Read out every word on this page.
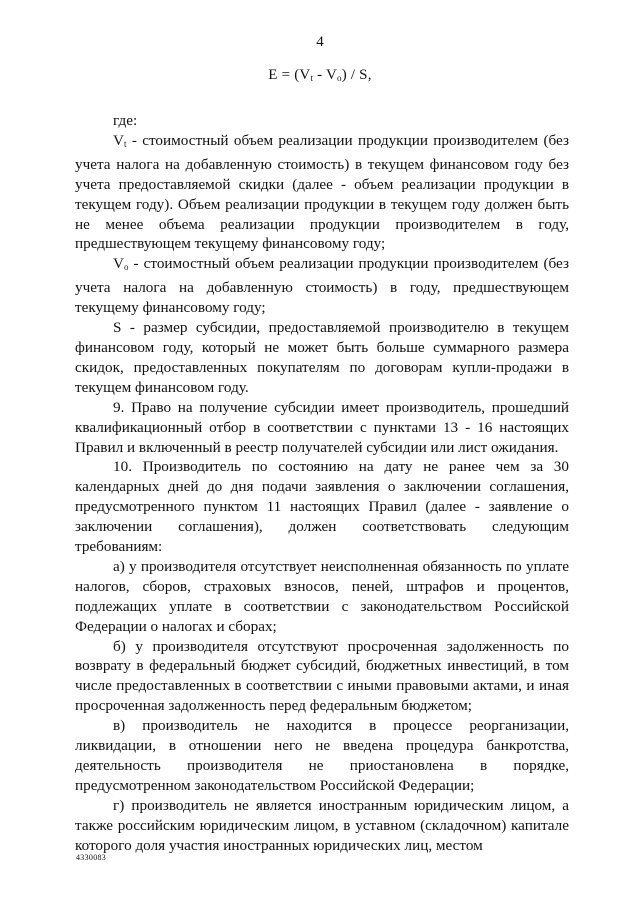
4
$E = (V_t - V_o) / S$,

где:

$V_t$ - стоимостный объем реализации продукции производителем (без учета налога на добавленную стоимость) в текущем финансовом году без учета предоставляемой скидки (далее - объем реализации продукции в текущем году). Объем реализации продукции в текущем году должен быть не менее объема реализации продукции производителем в году, предшествующем текущему финансовому году;

$V_o$ - стоимостный объем реализации продукции производителем (без учета налога на добавленную стоимость) в году, предшествующем текущему финансовому году;

S - размер субсидии, предоставляемой производителю в текущем финансовом году, который не может быть больше суммарного размера скидок, предоставленных покупателям по договорам купли-продажи в текущем финансовом году.

9. Право на получение субсидии имеет производитель, прошедший квалификационный отбор в соответствии с пунктами 13 - 16 настоящих Правил и включенный в реестр получателей субсидии или лист ожидания.

10. Производитель по состоянию на дату не ранее чем за 30 календарных дней до дня подачи заявления о заключении соглашения, предусмотренного пунктом 11 настоящих Правил (далее - заявление о заключении соглашения), должен соответствовать следующим требованиям:

а) у производителя отсутствует неисполненная обязанность по уплате налогов, сборов, страховых взносов, пеней, штрафов и процентов, подлежащих уплате в соответствии с законодательством Российской Федерации о налогах и сборах;

б) у производителя отсутствуют просроченная задолженность по возврату в федеральный бюджет субсидий, бюджетных инвестиций, в том числе предоставленных в соответствии с иными правовыми актами, и иная просроченная задолженность перед федеральным бюджетом;

в) производитель не находится в процессе реорганизации, ликвидации, в отношении него не введена процедура банкротства, деятельность производителя не приостановлена в порядке, предусмотренном законодательством Российской Федерации;

г) производитель не является иностранным юридическим лицом, а также российским юридическим лицом, в уставном (складочном) капитале которого доля участия иностранных юридических лиц, местом

4330083
